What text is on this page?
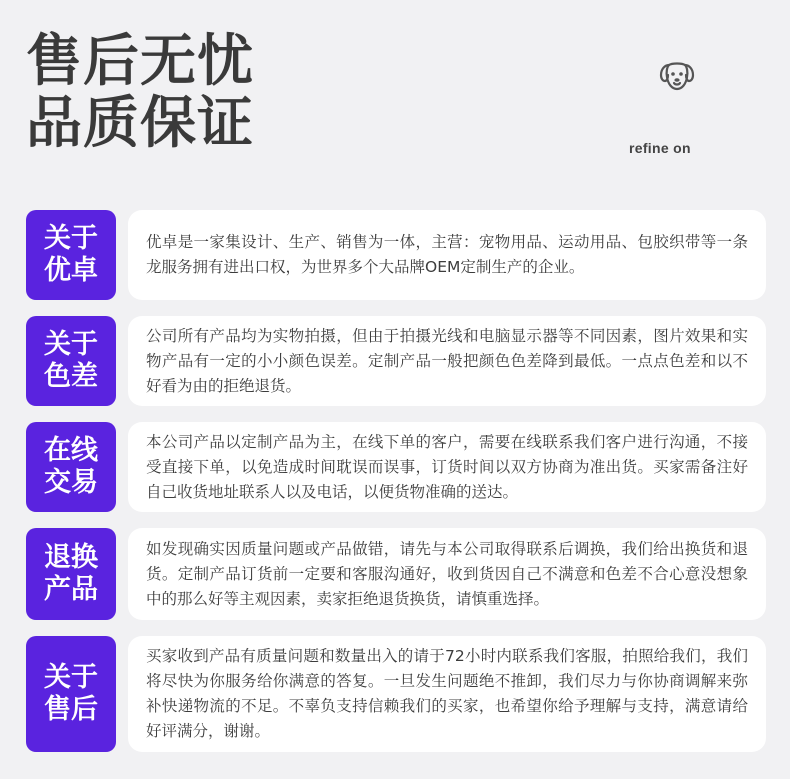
售后无忧
品质保证	refine on
关于
优卓
优卓是一家集设计、生产、销售为一体，主营：宠物用品、运动用品、包胶织带等一条龙服务拥有进出口权，为世界多个大品牌OEM定制生产的企业。
关于
色差
公司所有产品均为实物拍摄，但由于拍摄光线和电脑显示器等不同因素，图片效果和实物产品有一定的小小颜色误差。定制产品一般把颜色色差降到最低。一点点色差和以不好看为由的拒绝退货。
在线
交易
本公司产品以定制产品为主，在线下单的客户，需要在线联系我们客户进行沟通，不接受直接下单，以免造成时间耽误而误事，订货时间以双方协商为准出货。买家需备注好自己收货地址联系人以及电话，以便货物准确的送达。
退换
产品
如发现确实因质量问题或产品做错，请先与本公司取得联系后调换，我们给出换货和退货。定制产品订货前一定要和客服沟通好，收到货因自己不满意和色差不合心意没想象中的那么好等主观因素，卖家拒绝退货换货，请慎重选择。
关于
售后
买家收到产品有质量问题和数量出入的请于72小时内联系我们客服，拍照给我们，我们将尽快为你服务给你满意的答复。一旦发生问题绝不推卸，我们尽力与你协商调解来弥补快递物流的不足。不辜负支持信赖我们的买家，也希望你给予理解与支持，满意请给好评满分，谢谢。
